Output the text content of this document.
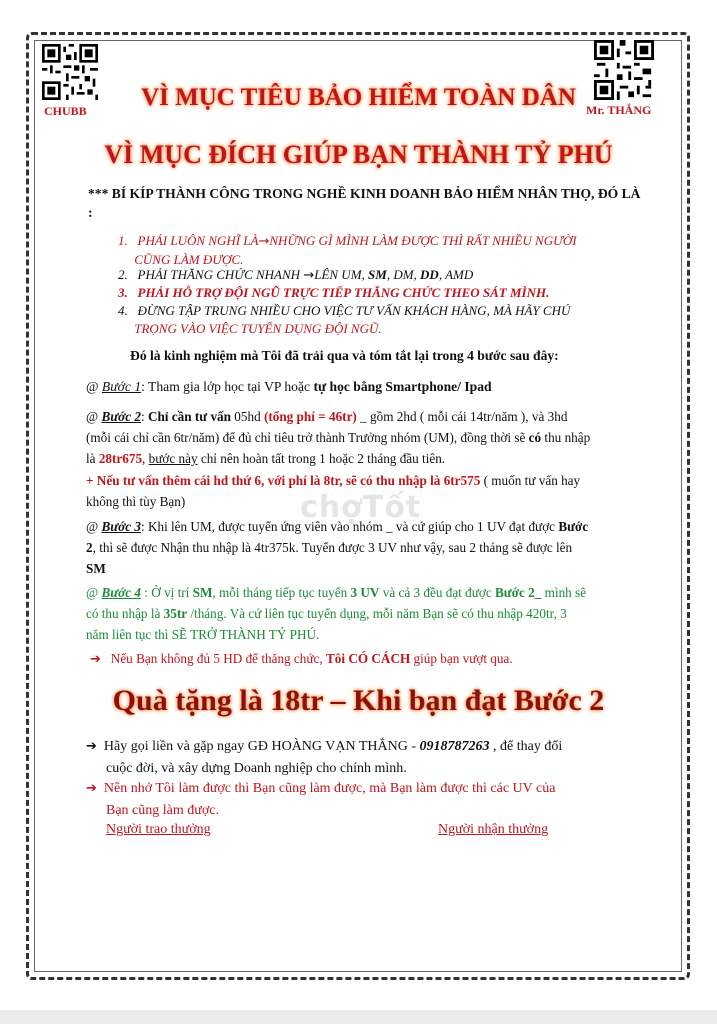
CHUBB	Mr. THẮNG
VÌ MỤC TIÊU BẢO HIỂM TOÀN DÂN
VÌ MỤC ĐÍCH GIÚP BẠN THÀNH TỶ PHÚ
*** BÍ KÍP THÀNH CÔNG TRONG NGHỀ KINH DOANH BẢO HIỂM NHÂN THỌ, ĐÓ LÀ :
1. PHẢI LUÔN NGHĨ LÀ→NHỮNG GÌ MÌNH LÀM ĐƯỢC THÌ RẤT NHIỀU NGƯỜI
CŨNG LÀM ĐƯỢC.
2. PHẢI THĂNG CHỨC NHANH →LÊN UM, SM, DM, DD, AMD
3. PHẢI HỖ TRỢ ĐỘI NGŨ TRỰC TIẾP THĂNG CHỨC THEO SÁT MÌNH.
4. ĐỪNG TẬP TRUNG NHIỀU CHO VIỆC TƯ VẤN KHÁCH HÀNG, MÀ HÃY CHÚ
TRỌNG VÀO VIỆC TUYỂN DỤNG ĐỘI NGŨ.
Đó là kinh nghiệm mà Tôi đã trải qua và tóm tắt lại trong 4 bước sau đây:
@ Bước 1: Tham gia lớp học tại VP hoặc tự học bằng Smartphone/ Ipad
@ Bước 2: Chỉ cần tư vấn 05hd (tổng phí = 46tr) _ gồm 2hd ( mỗi cái 14tr/năm ), và 3hd
(mỗi cái chỉ cần 6tr/năm) để đủ chỉ tiêu trở thành Trưởng nhóm (UM), đồng thời sẽ có thu nhập
là 28tr675, bước này chỉ nên hoàn tất trong 1 hoặc 2 tháng đầu tiên.
+ Nếu tư vấn thêm cái hd thứ 6, với phí là 8tr, sẽ có thu nhập là 6tr575 ( muốn tư vấn hay
không thì tùy Bạn)	chợTốt
@ Bước 3: Khi lên UM, được tuyển ứng viên vào nhóm _ và cứ giúp cho 1 UV đạt được Bước
2, thì sẽ được Nhận thu nhập là 4tr375k. Tuyển được 3 UV như vậy, sau 2 tháng sẽ được lên
SM
@ Bước 4 : Ở vị trí SM, mỗi tháng tiếp tục tuyển 3 UV và cả 3 đều đạt được Bước 2_ mình sẽ
có thu nhập là 35tr /tháng. Và cứ liên tục tuyển dụng, mỗi năm Bạn sẽ có thu nhập 420tr, 3
năm liên tục thì SẼ TRỞ THÀNH TỶ PHÚ.
➔ Nếu Bạn không đủ 5 HD để thăng chức, Tôi CÓ CÁCH giúp bạn vượt qua.
Quà tặng là 18tr – Khi bạn đạt Bước 2
➔ Hãy gọi liền và gặp ngay GĐ HOÀNG VẠN THẮNG - 0918787263 , để thay đổi
cuộc đời, và xây dựng Doanh nghiệp cho chính mình.
➔ Nên nhớ Tôi làm được thì Bạn cũng làm được, mà Bạn làm được thì các UV của
Bạn cũng làm được.
Người trao thưởng	Người nhận thưởng
